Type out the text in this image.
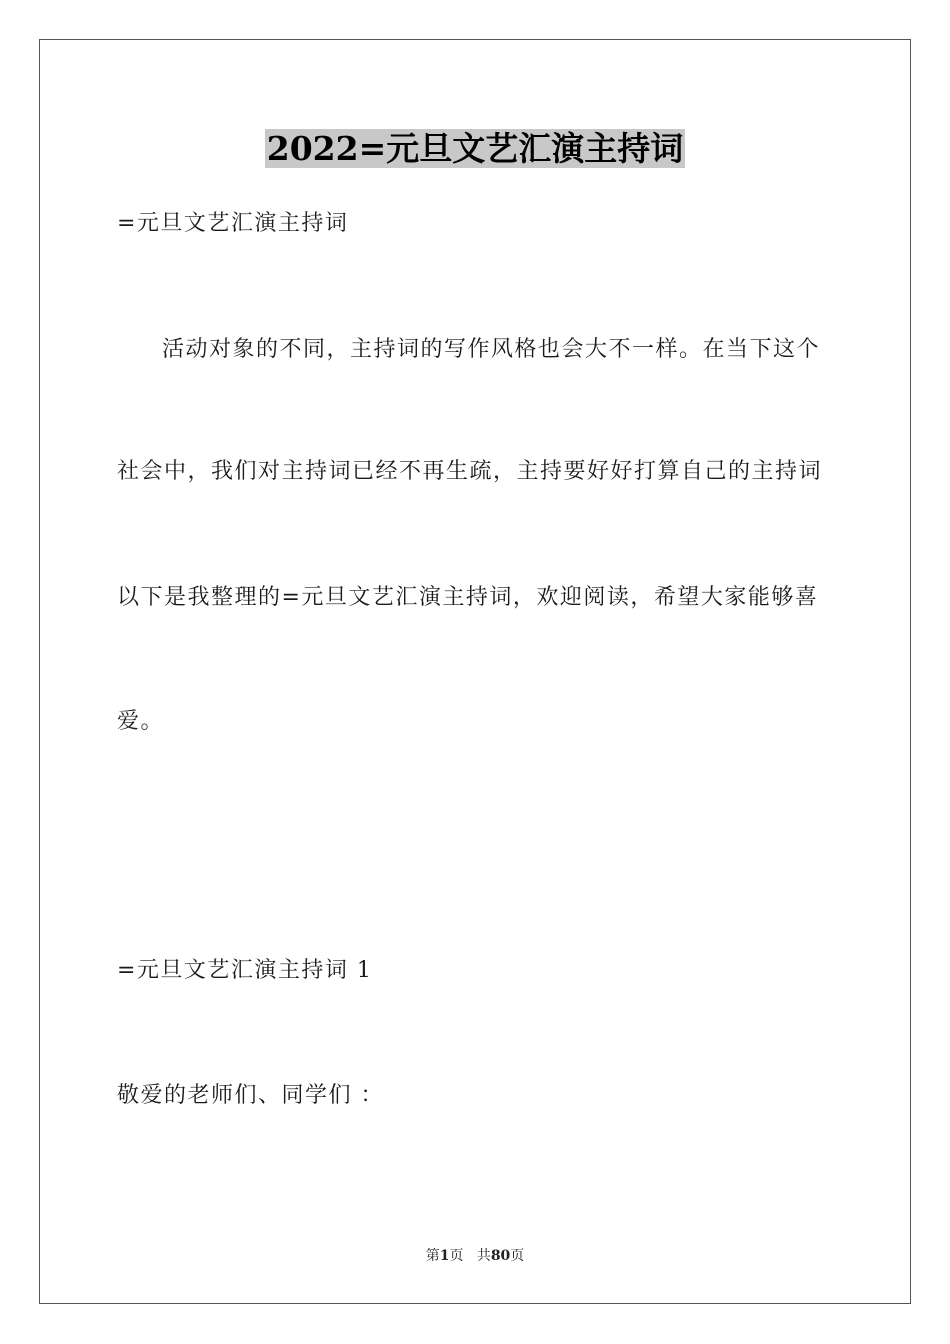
2022=元旦文艺汇演主持词
=元旦文艺汇演主持词
活动对象的不同，主持词的写作风格也会大不一样。在当下这个
社会中，我们对主持词已经不再生疏，主持要好好打算自己的主持词
以下是我整理的=元旦文艺汇演主持词，欢迎阅读，希望大家能够喜
爱。
=元旦文艺汇演主持词 1
敬爱的老师们、同学们 ：
第1页 共80页
